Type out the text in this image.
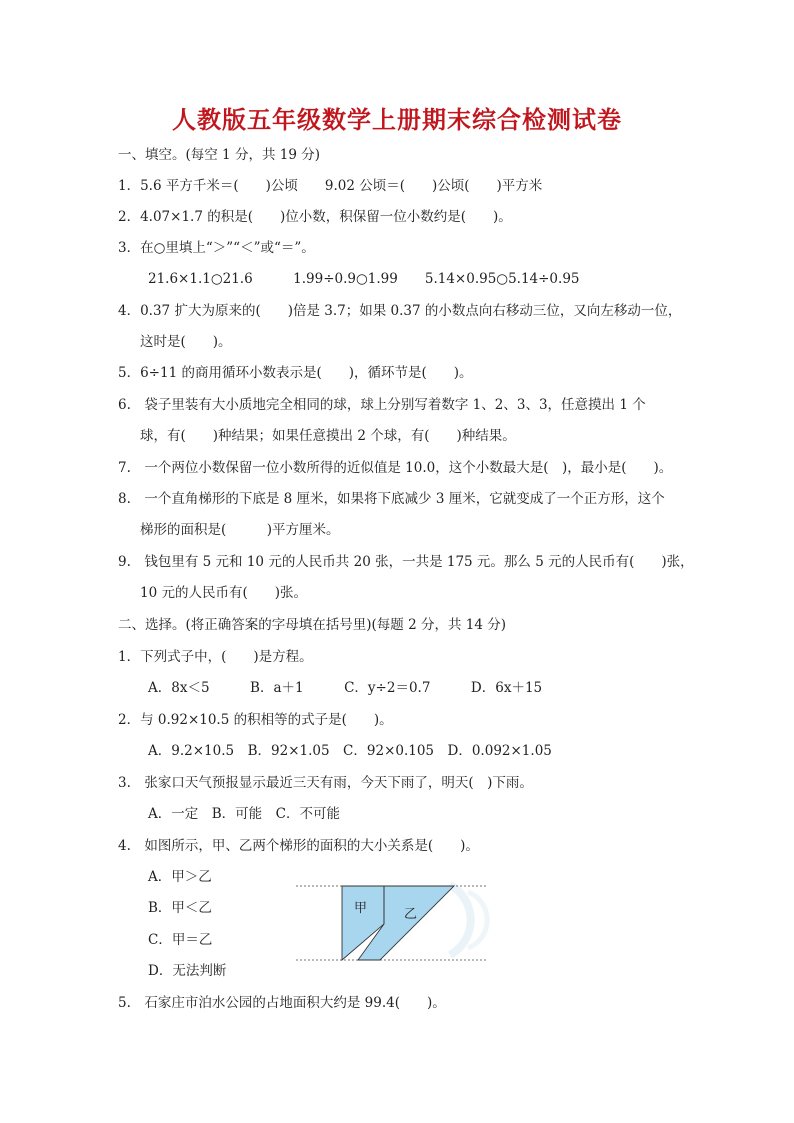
人教版五年级数学上册期末综合检测试卷
一、填空。(每空 1 分，共 19 分)
1．5.6 平方千米＝(　　)公顷　　9.02 公顷＝(　　)公顷(　　)平方米
2．4.07×1.7 的积是(　　)位小数，积保留一位小数约是(　　)。
3．在○里填上“＞”“＜”或“＝”。
21.6×1.1○21.6　　　1.99÷0.9○1.99　　5.14×0.95○5.14÷0.95
4．0.37 扩大为原来的(　　)倍是 3.7；如果 0.37 的小数点向右移动三位，又向左移动一位，
这时是(　　)。
5．6÷11 的商用循环小数表示是(　　)，循环节是(　　)。
6.　袋子里装有大小质地完全相同的球，球上分别写着数字 1、2、3、3，任意摸出 1 个
球，有(　　)种结果；如果任意摸出 2 个球，有(　　)种结果。
7.　一个两位小数保留一位小数所得的近似值是 10.0，这个小数最大是(　)，最小是(　　)。
8.　一个直角梯形的下底是 8 厘米，如果将下底减少 3 厘米，它就变成了一个正方形，这个
梯形的面积是(　　　)平方厘米。
9.　钱包里有 5 元和 10 元的人民币共 20 张，一共是 175 元。那么 5 元的人民币有(　　)张，
10 元的人民币有(　　)张。
二、选择。(将正确答案的字母填在括号里)(每题 2 分，共 14 分)
1．下列式子中，(　　)是方程。
A．8x＜5　　　B．a＋1　　　C．y÷2＝0.7　　　D．6x＋15
2．与 0.92×10.5 的积相等的式子是(　　)。
A．9.2×10.5　B．92×1.05　C．92×0.105　D．0.092×1.05
3.　张家口天气预报显示最近三天有雨，今天下雨了，明天(　)下雨。
A．一定　B．可能　C．不可能
4.　如图所示，甲、乙两个梯形的面积的大小关系是(　　)。
A．甲＞乙
B．甲＜乙
C．甲＝乙
D．无法判断
5.　石家庄市泊水公园的占地面积大约是 99.4(　　)。
甲	乙
